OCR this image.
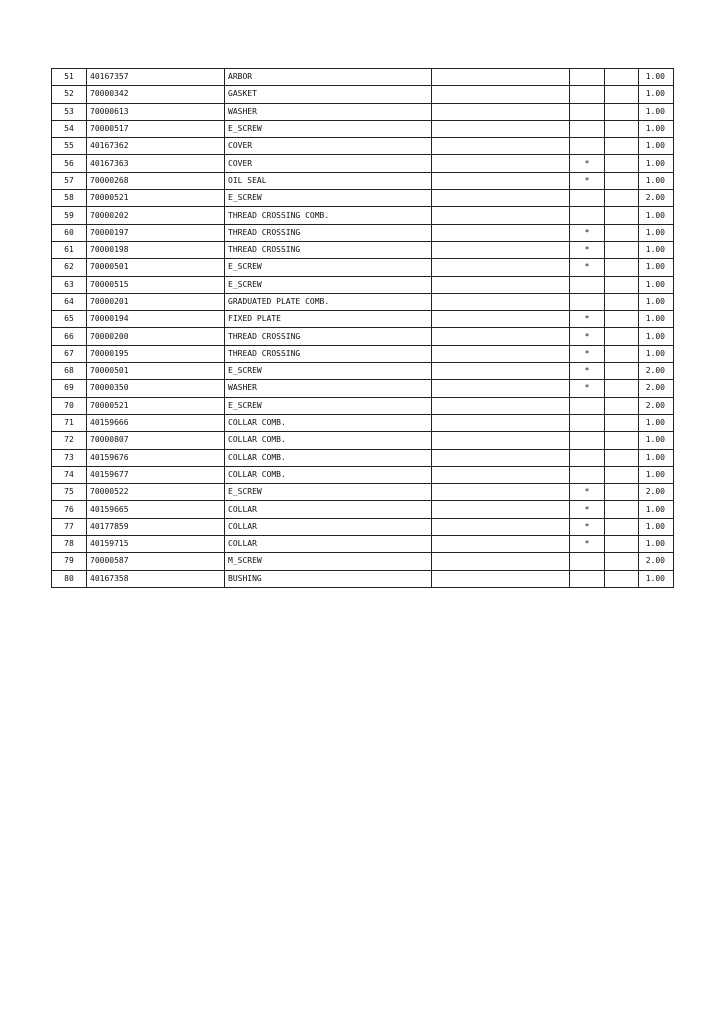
51	40167357	ARBOR				1.00
52	70000342	GASKET				1.00
53	70000613	WASHER				1.00
54	70000517	E_SCREW				1.00
55	40167362	COVER				1.00
56	40167363	COVER		*		1.00
57	70000268	OIL SEAL		*		1.00
58	70000521	E_SCREW				2.00
59	70000202	THREAD CROSSING COMB.				1.00
60	70000197	THREAD CROSSING		*		1.00
61	70000198	THREAD CROSSING		*		1.00
62	70000501	E_SCREW		*		1.00
63	70000515	E_SCREW				1.00
64	70000201	GRADUATED PLATE COMB.				1.00
65	70000194	FIXED PLATE		*		1.00
66	70000200	THREAD CROSSING		*		1.00
67	70000195	THREAD CROSSING		*		1.00
68	70000501	E_SCREW		*		2.00
69	70000350	WASHER		*		2.00
70	70000521	E_SCREW				2.00
71	40159666	COLLAR COMB.				1.00
72	70000807	COLLAR COMB.				1.00
73	40159676	COLLAR COMB.				1.00
74	40159677	COLLAR COMB.				1.00
75	70000522	E_SCREW		*		2.00
76	40159665	COLLAR		*		1.00
77	40177859	COLLAR		*		1.00
78	40159715	COLLAR		*		1.00
79	70000587	M_SCREW				2.00
80	40167358	BUSHING				1.00
